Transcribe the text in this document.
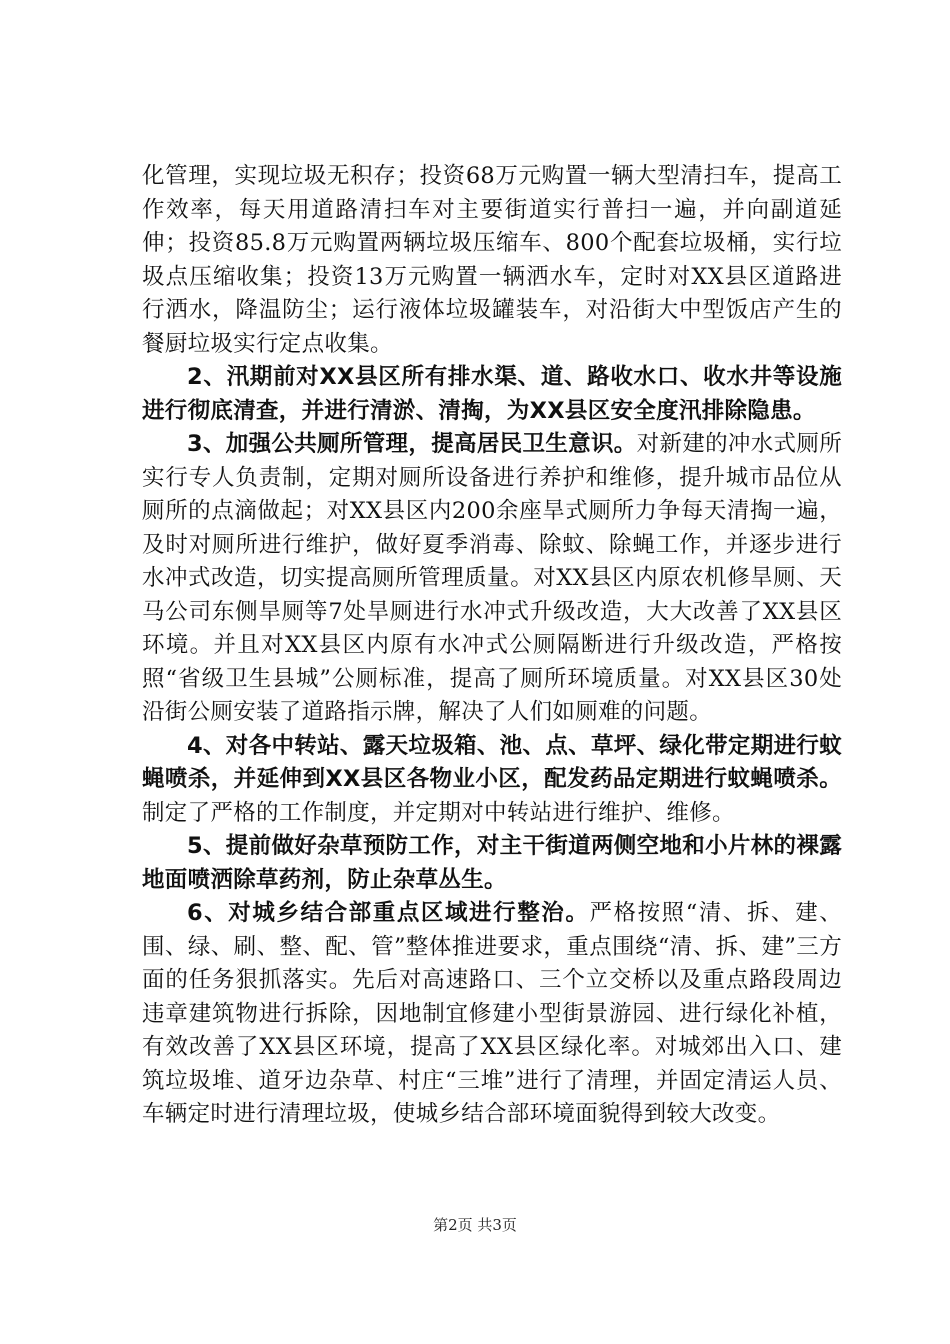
化管理，实现垃圾无积存；投资68万元购置一辆大型清扫车，提高工作效率，每天用道路清扫车对主要街道实行普扫一遍，并向副道延伸；投资85.8万元购置两辆垃圾压缩车、800个配套垃圾桶，实行垃圾点压缩收集；投资13万元购置一辆洒水车，定时对XX县区道路进行洒水，降温防尘；运行液体垃圾罐装车，对沿街大中型饭店产生的餐厨垃圾实行定点收集。

2、汛期前对XX县区所有排水渠、道、路收水口、收水井等设施进行彻底清查，并进行清淤、清掏，为XX县区安全度汛排除隐患。

3、加强公共厕所管理，提高居民卫生意识。对新建的冲水式厕所实行专人负责制，定期对厕所设备进行养护和维修，提升城市品位从厕所的点滴做起；对XX县区内200余座旱式厕所力争每天清掏一遍，及时对厕所进行维护，做好夏季消毒、除蚊、除蝇工作，并逐步进行水冲式改造，切实提高厕所管理质量。对XX县区内原农机修旱厕、天马公司东侧旱厕等7处旱厕进行水冲式升级改造，大大改善了XX县区环境。并且对XX县区内原有水冲式公厕隔断进行升级改造，严格按照“省级卫生县城”公厕标准，提高了厕所环境质量。对XX县区30处沿街公厕安装了道路指示牌，解决了人们如厕难的问题。

4、对各中转站、露天垃圾箱、池、点、草坪、绿化带定期进行蚊蝇喷杀，并延伸到XX县区各物业小区，配发药品定期进行蚊蝇喷杀。制定了严格的工作制度，并定期对中转站进行维护、维修。

5、提前做好杂草预防工作，对主干街道两侧空地和小片林的裸露地面喷洒除草药剂，防止杂草丛生。

6、对城乡结合部重点区域进行整治。严格按照“清、拆、建、围、绿、刷、整、配、管”整体推进要求，重点围绕“清、拆、建”三方面的任务狠抓落实。先后对高速路口、三个立交桥以及重点路段周边违章建筑物进行拆除，因地制宜修建小型街景游园、进行绿化补植，有效改善了XX县区环境，提高了XX县区绿化率。对城郊出入口、建筑垃圾堆、道牙边杂草、村庄“三堆”进行了清理，并固定清运人员、车辆定时进行清理垃圾，使城乡结合部环境面貌得到较大改变。

第2页 共3页
